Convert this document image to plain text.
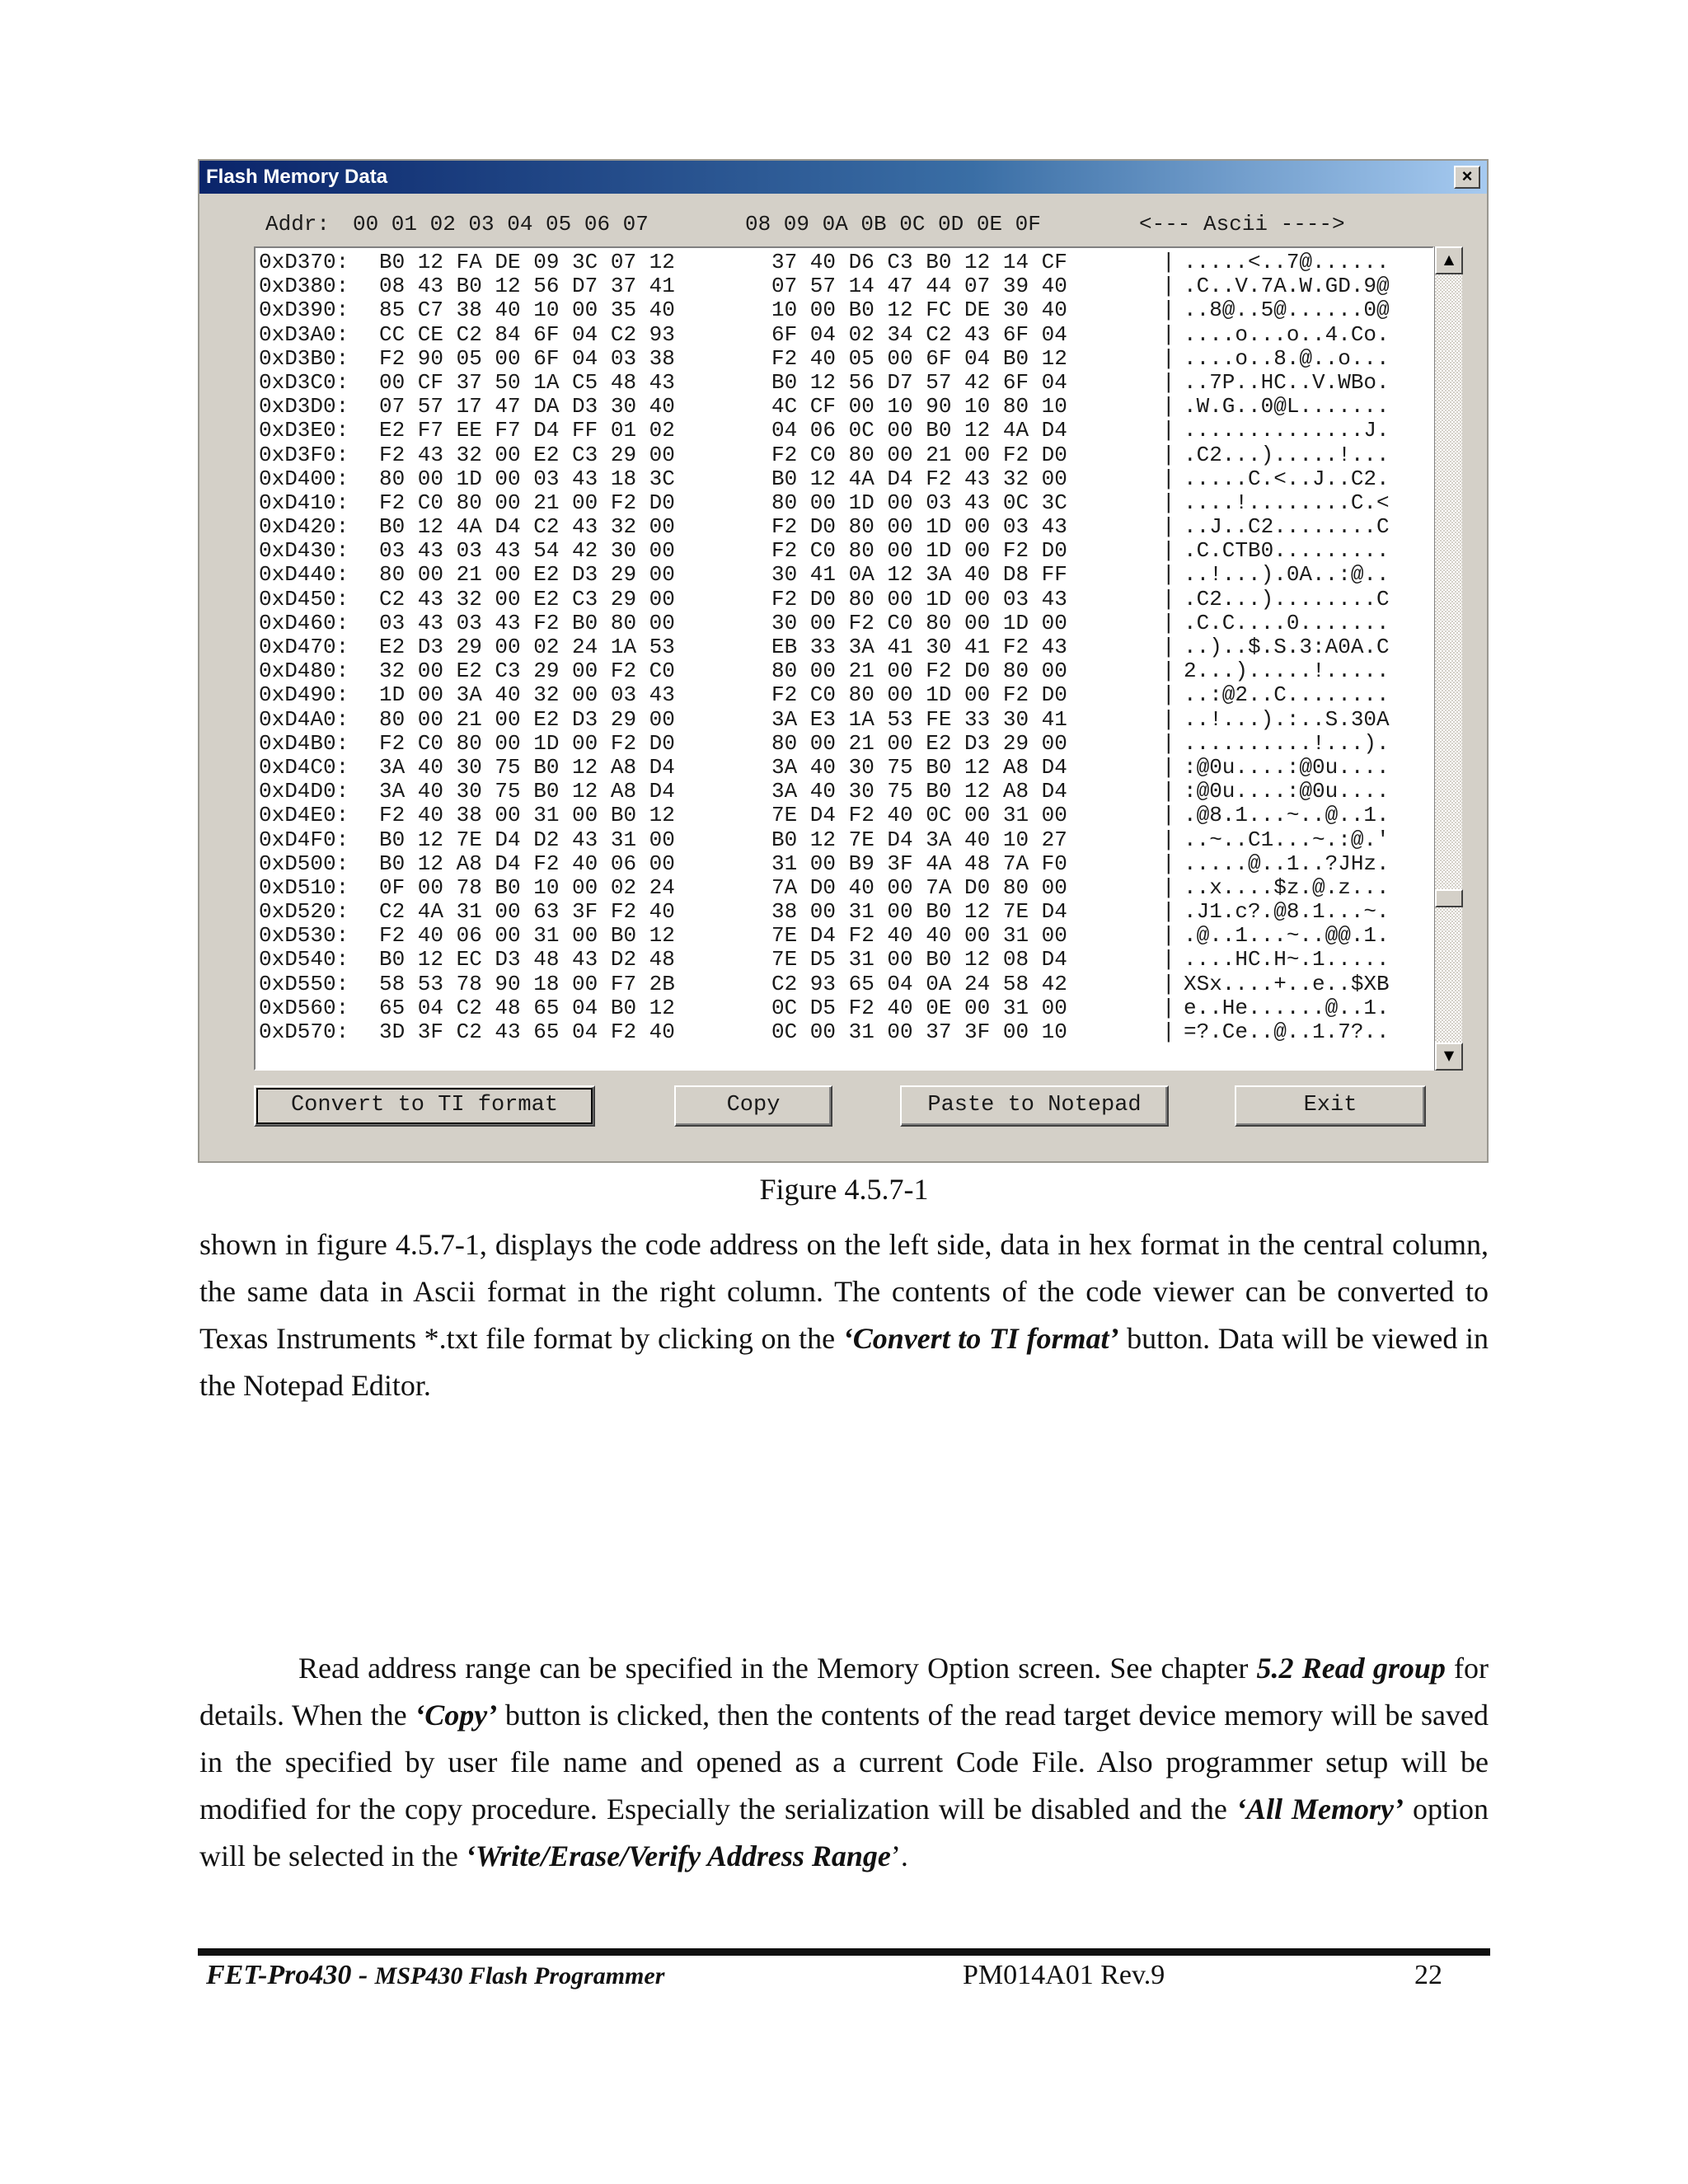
Flash Memory Data	×
Addr: 00 01 02 03 04 05 06 07	08 09 0A 0B 0C 0D 0E 0F	<--- Ascii ---->
0xD370: B0 12 FA DE 09 3C 07 12	37 40 D6 C3 B0 12 14 CF	| .....<..7@......
0xD380: 08 43 B0 12 56 D7 37 41	07 57 14 47 44 07 39 40	| .C..V.7A.W.GD.9@
0xD390: 85 C7 38 40 10 00 35 40	10 00 B0 12 FC DE 30 40	| ..8@..5@......0@
0xD3A0: CC CE C2 84 6F 04 C2 93	6F 04 02 34 C2 43 6F 04	| ....o...o..4.Co.
0xD3B0: F2 90 05 00 6F 04 03 38	F2 40 05 00 6F 04 B0 12	| ....o..8.@..o...
0xD3C0: 00 CF 37 50 1A C5 48 43	B0 12 56 D7 57 42 6F 04	| ..7P..HC..V.WBo.
0xD3D0: 07 57 17 47 DA D3 30 40	4C CF 00 10 90 10 80 10	| .W.G..0@L.......
0xD3E0: E2 F7 EE F7 D4 FF 01 02	04 06 0C 00 B0 12 4A D4	| ..............J.
0xD3F0: F2 43 32 00 E2 C3 29 00	F2 C0 80 00 21 00 F2 D0	| .C2...).....!...
0xD400: 80 00 1D 00 03 43 18 3C	B0 12 4A D4 F2 43 32 00	| .....C.<..J..C2.
0xD410: F2 C0 80 00 21 00 F2 D0	80 00 1D 00 03 43 0C 3C	| ....!........C.<
0xD420: B0 12 4A D4 C2 43 32 00	F2 D0 80 00 1D 00 03 43	| ..J..C2........C
0xD430: 03 43 03 43 54 42 30 00	F2 C0 80 00 1D 00 F2 D0	| .C.CTB0.........
0xD440: 80 00 21 00 E2 D3 29 00	30 41 0A 12 3A 40 D8 FF	| ..!...).0A..:@..
0xD450: C2 43 32 00 E2 C3 29 00	F2 D0 80 00 1D 00 03 43	| .C2...)........C
0xD460: 03 43 03 43 F2 B0 80 00	30 00 F2 C0 80 00 1D 00	| .C.C....0.......
0xD470: E2 D3 29 00 02 24 1A 53	EB 33 3A 41 30 41 F2 43	| ..)..$.S.3:A0A.C
0xD480: 32 00 E2 C3 29 00 F2 C0	80 00 21 00 F2 D0 80 00	| 2...).....!.....
0xD490: 1D 00 3A 40 32 00 03 43	F2 C0 80 00 1D 00 F2 D0	| ..:@2..C........
0xD4A0: 80 00 21 00 E2 D3 29 00	3A E3 1A 53 FE 33 30 41	| ..!...).:..S.30A
0xD4B0: F2 C0 80 00 1D 00 F2 D0	80 00 21 00 E2 D3 29 00	| ..........!...).
0xD4C0: 3A 40 30 75 B0 12 A8 D4	3A 40 30 75 B0 12 A8 D4	| :@0u....:@0u....
0xD4D0: 3A 40 30 75 B0 12 A8 D4	3A 40 30 75 B0 12 A8 D4	| :@0u....:@0u....
0xD4E0: F2 40 38 00 31 00 B0 12	7E D4 F2 40 0C 00 31 00	| .@8.1...~..@..1.
0xD4F0: B0 12 7E D4 D2 43 31 00	B0 12 7E D4 3A 40 10 27	| ..~..C1...~.:@.'
0xD500: B0 12 A8 D4 F2 40 06 00	31 00 B9 3F 4A 48 7A F0	| .....@..1..?JHz.
0xD510: 0F 00 78 B0 10 00 02 24	7A D0 40 00 7A D0 80 00	| ..x....$z.@.z...
0xD520: C2 4A 31 00 63 3F F2 40	38 00 31 00 B0 12 7E D4	| .J1.c?.@8.1...~.
0xD530: F2 40 06 00 31 00 B0 12	7E D4 F2 40 40 00 31 00	| .@..1...~..@@.1.
0xD540: B0 12 EC D3 48 43 D2 48	7E D5 31 00 B0 12 08 D4	| ....HC.H~.1.....
0xD550: 58 53 78 90 18 00 F7 2B	C2 93 65 04 0A 24 58 42	| XSx....+..e..$XB
0xD560: 65 04 C2 48 65 04 B0 12	0C D5 F2 40 0E 00 31 00	| e..He......@..1.
0xD570: 3D 3F C2 43 65 04 F2 40	0C 00 31 00 37 3F 00 10	| =?.Ce..@..1.7?..
▲
▼
Convert to TI format	Copy	Paste to Notepad	Exit
Figure 4.5.7-1
shown in figure 4.5.7-1, displays the code address on the left side, data in hex format in the central column, the same data in Ascii format in the right column. The contents of the code viewer can be converted to Texas Instruments *.txt file format by clicking on the ‘Convert to TI format’ button. Data will be viewed in the Notepad Editor.
Read address range can be specified in the Memory Option screen. See chapter 5.2 Read group for details. When the ‘Copy’ button is clicked, then the contents of the read target device memory will be saved in the specified by user file name and opened as a current Code File. Also programmer setup will be modified for the copy procedure. Especially the serialization will be disabled and the ‘All Memory’ option will be selected in the ‘Write/Erase/Verify Address Range’.
FET-Pro430 - MSP430 Flash Programmer	PM014A01 Rev.9	22
